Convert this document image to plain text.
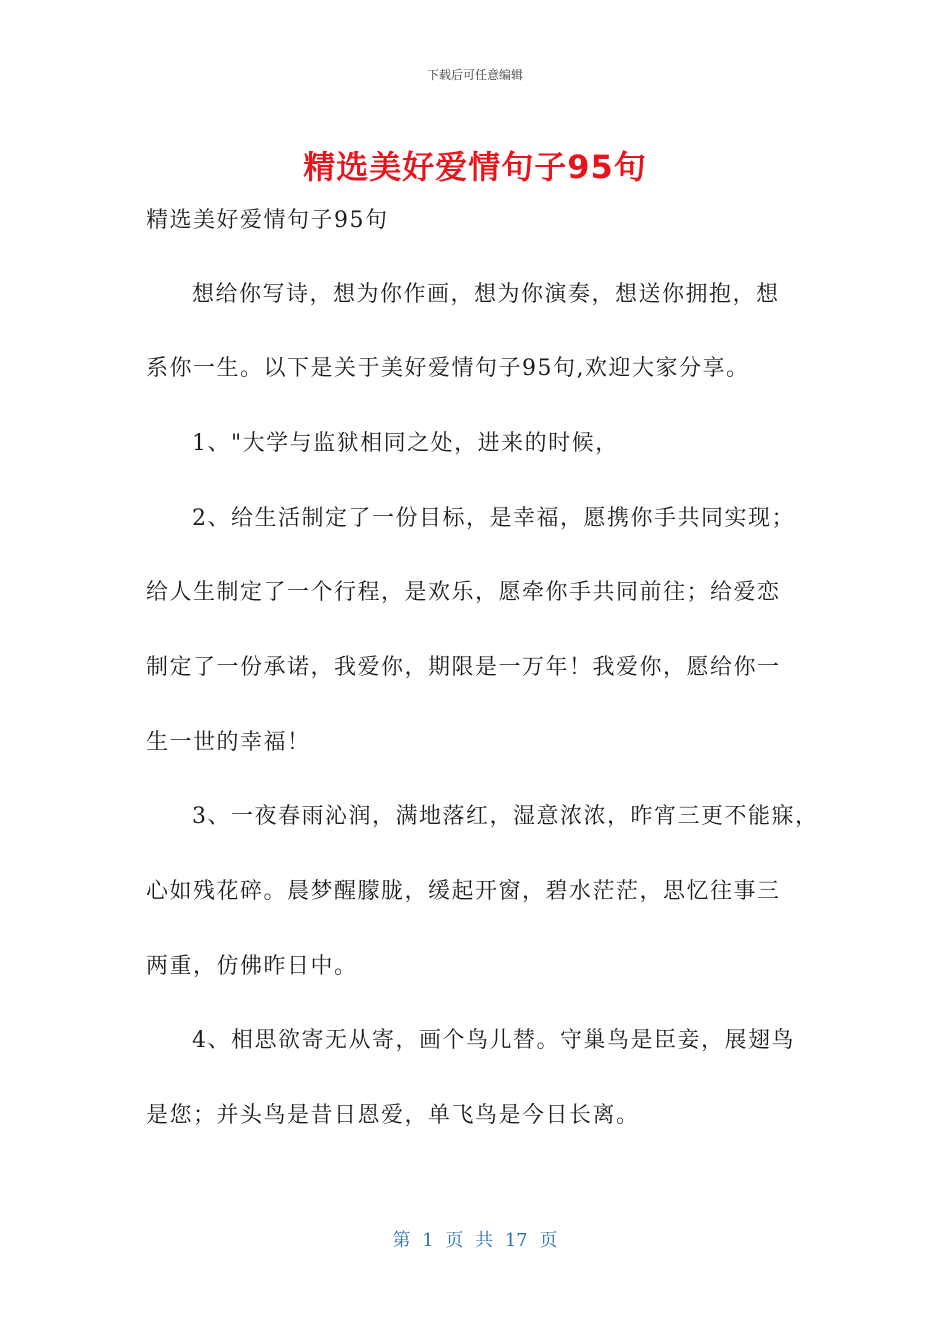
下载后可任意编辑
精选美好爱情句子95句
精选美好爱情句子95句
想给你写诗，想为你作画，想为你演奏，想送你拥抱，想
系你一生。以下是关于美好爱情句子95句,欢迎大家分享。
1、"大学与监狱相同之处，进来的时候，
2、给生活制定了一份目标，是幸福，愿携你手共同实现；
给人生制定了一个行程，是欢乐，愿牵你手共同前往；给爱恋
制定了一份承诺，我爱你，期限是一万年！我爱你，愿给你一
生一世的幸福！
3、一夜春雨沁润，满地落红，湿意浓浓，昨宵三更不能寐，
心如残花碎。晨梦醒朦胧，缓起开窗，碧水茫茫，思忆往事三
两重，仿佛昨日中。
4、相思欲寄无从寄，画个鸟儿替。守巢鸟是臣妾，展翅鸟
是您；并头鸟是昔日恩爱，单飞鸟是今日长离。
第 1 页 共 17 页
